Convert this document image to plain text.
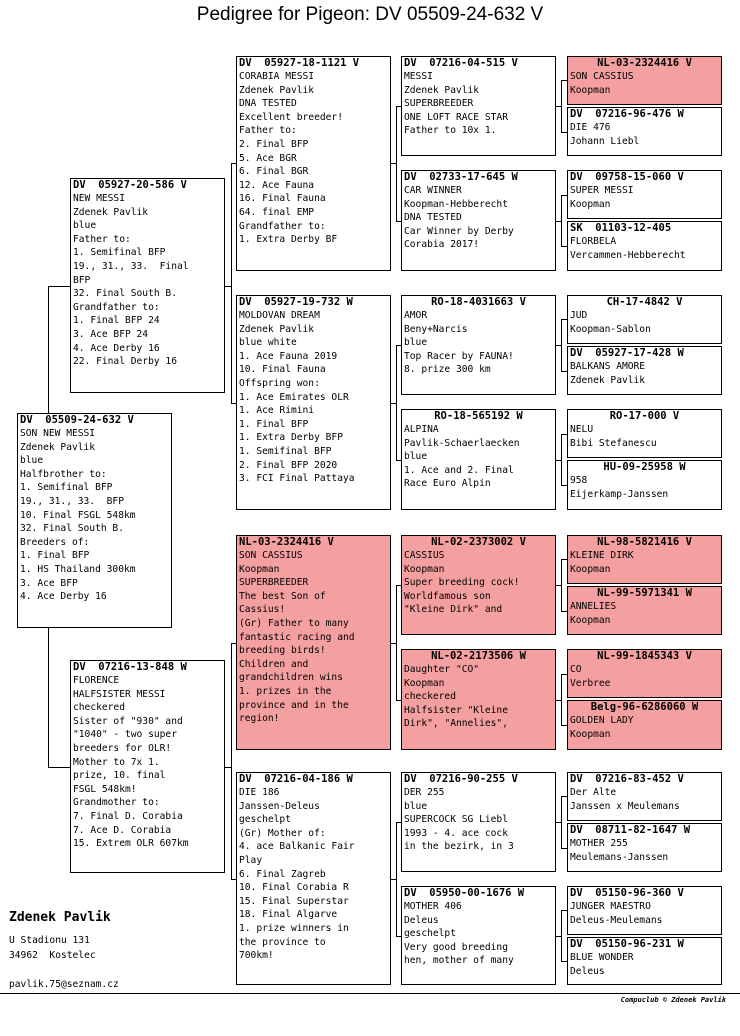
Pedigree for Pigeon: DV 05509-24-632 V
DV  05509-24-632 V
SON NEW MESSI
Zdenek Pavlik
blue
Halfbrother to:
1. Semifinal BFP
19., 31., 33.  BFP
10. Final FSGL 548km
32. Final South B.
Breeders of:
1. Final BFP
1. HS Thailand 300km
3. Ace BFP
4. Ace Derby 16
DV  05927-20-586 V
NEW MESSI
Zdenek Pavlik
blue
Father to:
1. Semifinal BFP
19., 31., 33.  Final
BFP
32. Final South B.
Grandfather to:
1. Final BFP 24
3. Ace BFP 24
4. Ace Derby 16
22. Final Derby 16
DV  07216-13-848 W
FLORENCE
HALFSISTER MESSI
checkered
Sister of "930" and
"1040" - two super
breeders for OLR!
Mother to 7x 1.
prize, 10. final
FSGL 548km!
Grandmother to:
7. Final D. Corabia
7. Ace D. Corabia
15. Extrem OLR 607km
DV  05927-18-1121 V
CORABIA MESSI
Zdenek Pavlik
DNA TESTED
Excellent breeder!
Father to:
2. Final BFP
5. Ace BGR
6. Final BGR
12. Ace Fauna
16. Final Fauna
64. final EMP
Grandfather to:
1. Extra Derby BF
DV  05927-19-732 W
MOLDOVAN DREAM
Zdenek Pavlik
blue white
1. Ace Fauna 2019
10. Final Fauna
Offspring won:
1. Ace Emirates OLR
1. Ace Rimini
1. Final BFP
1. Extra Derby BFP
1. Semifinal BFP
2. Final BFP 2020
3. FCI Final Pattaya
NL-03-2324416 V
SON CASSIUS
Koopman
SUPERBREEDER
The best Son of
Cassius!
(Gr) Father to many
fantastic racing and
breeding birds!
Children and
grandchildren wins
1. prizes in the
province and in the
region!
DV  07216-04-186 W
DIE 186
Janssen-Deleus
geschelpt
(Gr) Mother of:
4. ace Balkanic Fair
Play
6. Final Zagreb
10. Final Corabia R
15. Final Superstar
18. Final Algarve
1. prize winners in
the province to
700km!
DV  07216-04-515 V
MESSI
Zdenek Pavlik
SUPERBREEDER
ONE LOFT RACE STAR
Father to 10x 1.
DV  02733-17-645 W
CAR WINNER
Koopman-Hebberecht
DNA TESTED
Car Winner by Derby
Corabia 2017!
RO-18-4031663 V
AMOR
Beny+Narcis
blue
Top Racer by FAUNA!
8. prize 300 km
RO-18-565192 W
ALPINA
Pavlik-Schaerlaecken
blue
1. Ace and 2. Final
Race Euro Alpin
NL-02-2373002 V
CASSIUS
Koopman
Super breeding cock!
Worldfamous son
"Kleine Dirk" and
NL-02-2173506 W
Daughter "CO"
Koopman
checkered
Halfsister "Kleine
Dirk", "Annelies",
DV  07216-90-255 V
DER 255
blue
SUPERCOCK SG Liebl
1993 - 4. ace cock
in the bezirk, in 3
DV  05950-00-1676 W
MOTHER 406
Deleus
geschelpt
Very good breeding
hen, mother of many
NL-03-2324416 V
SON CASSIUS
Koopman
DV  07216-96-476 W
DIE 476
Johann Liebl
DV  09758-15-060 V
SUPER MESSI
Koopman
SK  01103-12-405
FLORBELA
Vercammen-Hebberecht
CH-17-4842 V
JUD
Koopman-Sablon
DV  05927-17-428 W
BALKANS AMORE
Zdenek Pavlik
RO-17-000 V
NELU
Bibi Stefanescu
HU-09-25958 W
958
Eijerkamp-Janssen
NL-98-5821416 V
KLEINE DIRK
Koopman
NL-99-5971341 W
ANNELIES
Koopman
NL-99-1845343 V
CO
Verbree
Belg-96-6286060 W
GOLDEN LADY
Koopman
DV  07216-83-452 V
Der Alte
Janssen x Meulemans
DV  08711-82-1647 W
MOTHER 255
Meulemans-Janssen
DV  05150-96-360 V
JUNGER MAESTRO
Deleus-Meulemans
DV  05150-96-231 W
BLUE WONDER
Deleus
Zdenek Pavlik
U Stadionu 131
34962  Kostelec
pavlik.75@seznam.cz
Compuclub © Zdenek Pavlik
